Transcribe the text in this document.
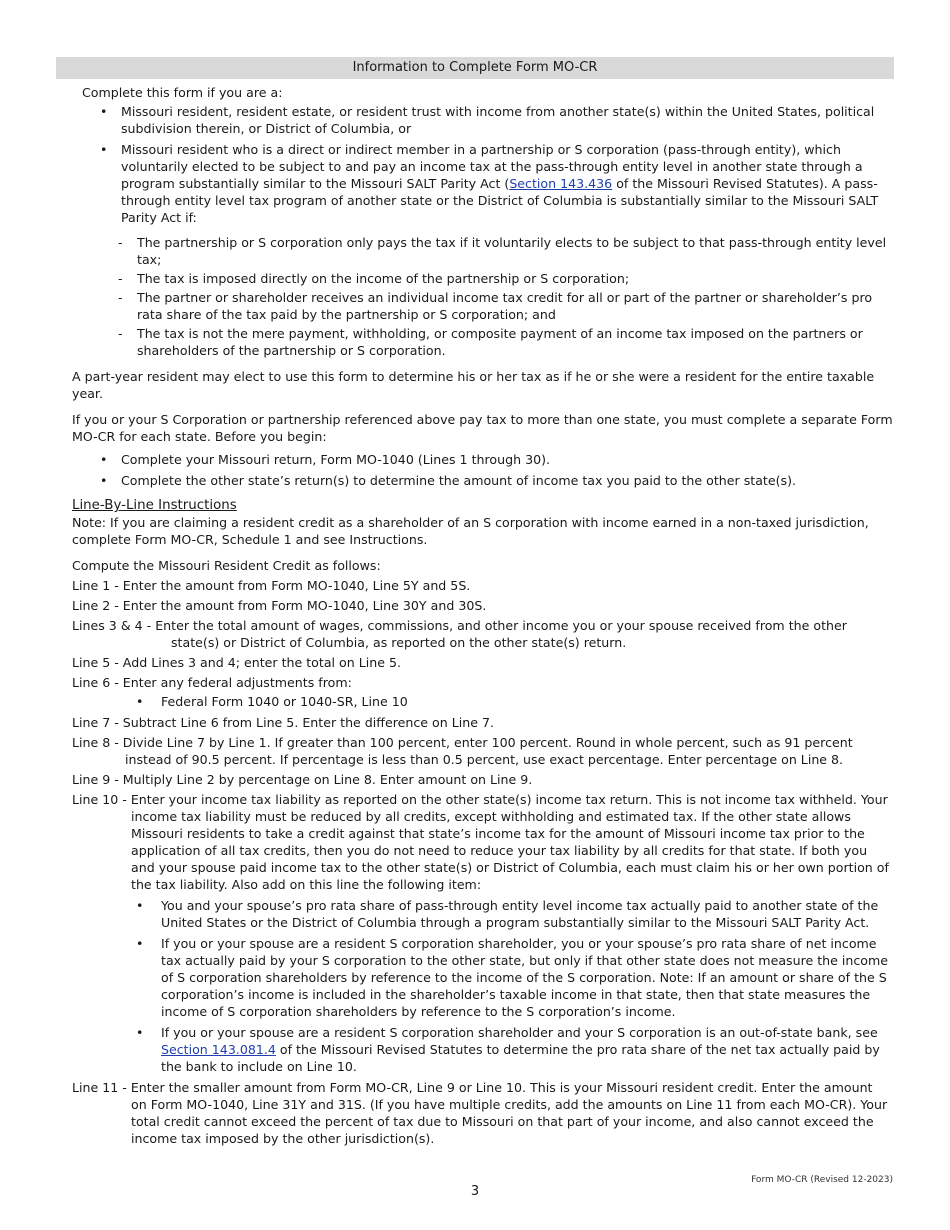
Information to Complete Form MO-CR

Complete this form if you are a:

• Missouri resident, resident estate, or resident trust with income from another state(s) within the United States, political subdivision therein, or District of Columbia, or
• Missouri resident who is a direct or indirect member in a partnership or S corporation (pass-through entity), which voluntarily elected to be subject to and pay an income tax at the pass-through entity level in another state through a program substantially similar to the Missouri SALT Parity Act (Section 143.436 of the Missouri Revised Statutes). A pass-through entity level tax program of another state or the District of Columbia is substantially similar to the Missouri SALT Parity Act if:
- The partnership or S corporation only pays the tax if it voluntarily elects to be subject to that pass-through entity level tax;
- The tax is imposed directly on the income of the partnership or S corporation;
- The partner or shareholder receives an individual income tax credit for all or part of the partner or shareholder’s pro rata share of the tax paid by the partnership or S corporation; and
- The tax is not the mere payment, withholding, or composite payment of an income tax imposed on the partners or shareholders of the partnership or S corporation.

A part-year resident may elect to use this form to determine his or her tax as if he or she were a resident for the entire taxable year.

If you or your S Corporation or partnership referenced above pay tax to more than one state, you must complete a separate Form MO-CR for each state. Before you begin:

• Complete your Missouri return, Form MO-1040 (Lines 1 through 30).
• Complete the other state’s return(s) to determine the amount of income tax you paid to the other state(s).

Line-By-Line Instructions

Note: If you are claiming a resident credit as a shareholder of an S corporation with income earned in a non-taxed jurisdiction, complete Form MO-CR, Schedule 1 and see Instructions.

Compute the Missouri Resident Credit as follows:

Line 1 - Enter the amount from Form MO-1040, Line 5Y and 5S.

Line 2 - Enter the amount from Form MO-1040, Line 30Y and 30S.

Lines 3 & 4 - Enter the total amount of wages, commissions, and other income you or your spouse received from the other

state(s) or District of Columbia, as reported on the other state(s) return.

Line 5 - Add Lines 3 and 4; enter the total on Line 5.

Line 6 - Enter any federal adjustments from:

• Federal Form 1040 or 1040-SR, Line 10

Line 7 - Subtract Line 6 from Line 5. Enter the difference on Line 7.

Line 8 - Divide Line 7 by Line 1. If greater than 100 percent, enter 100 percent. Round in whole percent, such as 91 percent

instead of 90.5 percent. If percentage is less than 0.5 percent, use exact percentage. Enter percentage on Line 8.

Line 9 - Multiply Line 2 by percentage on Line 8. Enter amount on Line 9.

Line 10 - Enter your income tax liability as reported on the other state(s) income tax return. This is not income tax withheld. Your

income tax liability must be reduced by all credits, except withholding and estimated tax. If the other state allows Missouri residents to take a credit against that state’s income tax for the amount of Missouri income tax prior to the application of all tax credits, then you do not need to reduce your tax liability by all credits for that state. If both you and your spouse paid income tax to the other state(s) or District of Columbia, each must claim his or her own portion of the tax liability. Also add on this line the following item:

• You and your spouse’s pro rata share of pass-through entity level income tax actually paid to another state of the United States or the District of Columbia through a program substantially similar to the Missouri SALT Parity Act.
• If you or your spouse are a resident S corporation shareholder, you or your spouse’s pro rata share of net income tax actually paid by your S corporation to the other state, but only if that other state does not measure the income of S corporation shareholders by reference to the income of the S corporation. Note: If an amount or share of the S corporation’s income is included in the shareholder’s taxable income in that state, then that state measures the income of S corporation shareholders by reference to the S corporation’s income.
• If you or your spouse are a resident S corporation shareholder and your S corporation is an out-of-state bank, see Section 143.081.4 of the Missouri Revised Statutes to determine the pro rata share of the net tax actually paid by the bank to include on Line 10.

Line 11 - Enter the smaller amount from Form MO-CR, Line 9 or Line 10. This is your Missouri resident credit. Enter the amount

on Form MO-1040, Line 31Y and 31S. (If you have multiple credits, add the amounts on Line 11 from each MO-CR). Your total credit cannot exceed the percent of tax due to Missouri on that part of your income, and also cannot exceed the income tax imposed by the other jurisdiction(s).

Form MO-CR (Revised 12-2023)
3
